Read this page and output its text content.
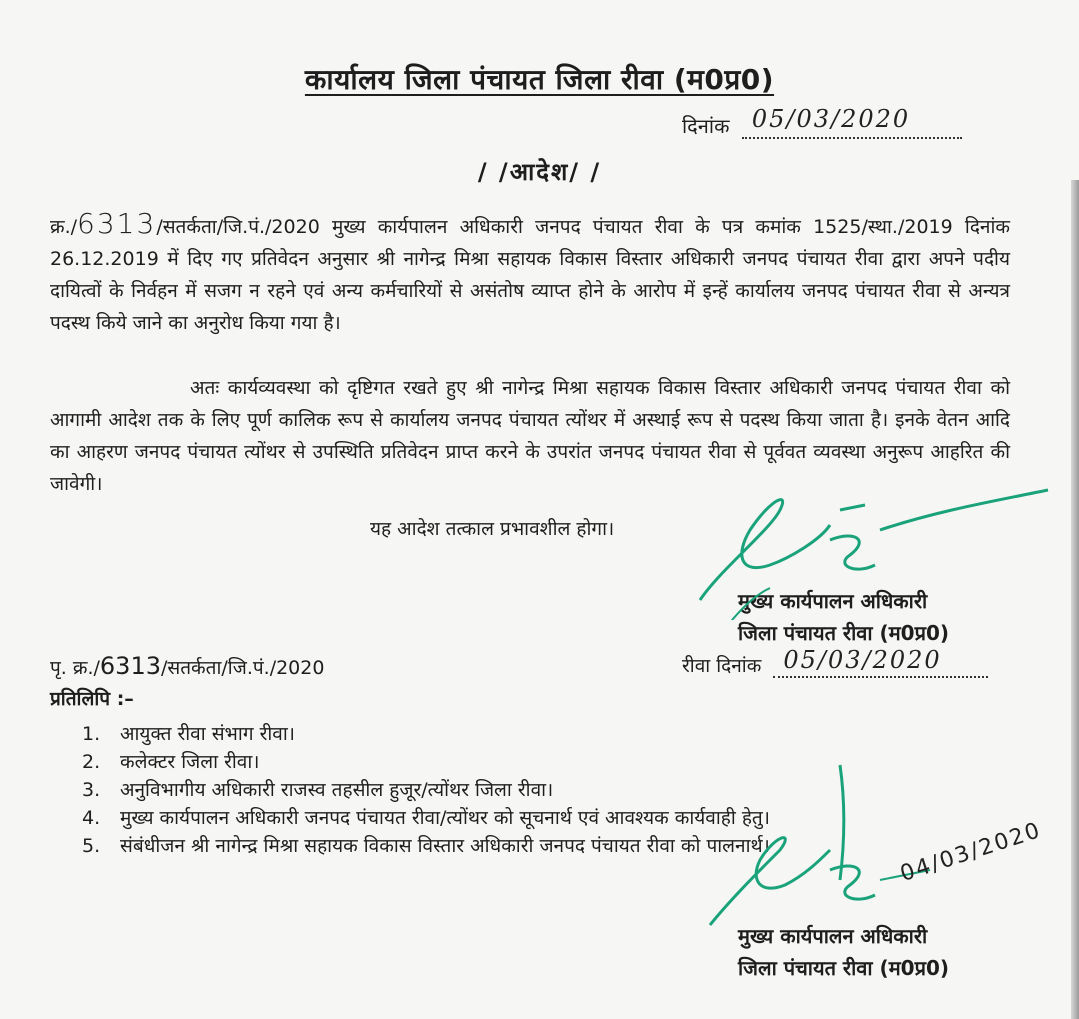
कार्यालय जिला पंचायत जिला रीवा (म0प्र0)
दिनांक 05/03/2020
/ /आदेश/ /
क्र./6313/सतर्कता/जि.पं./2020 मुख्य कार्यपालन अधिकारी जनपद पंचायत रीवा के पत्र कमांक 1525/स्था./2019 दिनांक 26.12.2019 में दिए गए प्रतिवेदन अनुसार श्री नागेन्द्र मिश्रा सहायक विकास विस्तार अधिकारी जनपद पंचायत रीवा द्वारा अपने पदीय दायित्वों के निर्वहन में सजग न रहने एवं अन्य कर्मचारियों से असंतोष व्याप्त होने के आरोप में इन्हें कार्यालय जनपद पंचायत रीवा से अन्यत्र पदस्थ किये जाने का अनुरोध किया गया है।
अतः कार्यव्यवस्था को दृष्टिगत रखते हुए श्री नागेन्द्र मिश्रा सहायक विकास विस्तार अधिकारी जनपद पंचायत रीवा को आगामी आदेश तक के लिए पूर्ण कालिक रूप से कार्यालय जनपद पंचायत त्योंथर में अस्थाई रूप से पदस्थ किया जाता है। इनके वेतन आदि का आहरण जनपद पंचायत त्योंथर से उपस्थिति प्रतिवेदन प्राप्त करने के उपरांत जनपद पंचायत रीवा से पूर्ववत व्यवस्था अनुरूप आहरित की जावेगी।
यह आदेश तत्काल प्रभावशील होगा।
मुख्य कार्यपालन अधिकारी
जिला पंचायत रीवा (म0प्र0)
पृ. क्र./6313/सतर्कता/जि.पं./2020	रीवा दिनांक 05/03/2020
प्रतिलिपि :–
1. आयुक्त रीवा संभाग रीवा।
2. कलेक्टर जिला रीवा।
3. अनुविभागीय अधिकारी राजस्व तहसील हुजूर/त्योंथर जिला रीवा।
4. मुख्य कार्यपालन अधिकारी जनपद पंचायत रीवा/त्योंथर को सूचनार्थ एवं आवश्यक कार्यवाही हेतु।
5. संबंधीजन श्री नागेन्द्र मिश्रा सहायक विकास विस्तार अधिकारी जनपद पंचायत रीवा को पालनार्थ।	04/03/2020
मुख्य कार्यपालन अधिकारी
जिला पंचायत रीवा (म0प्र0)
